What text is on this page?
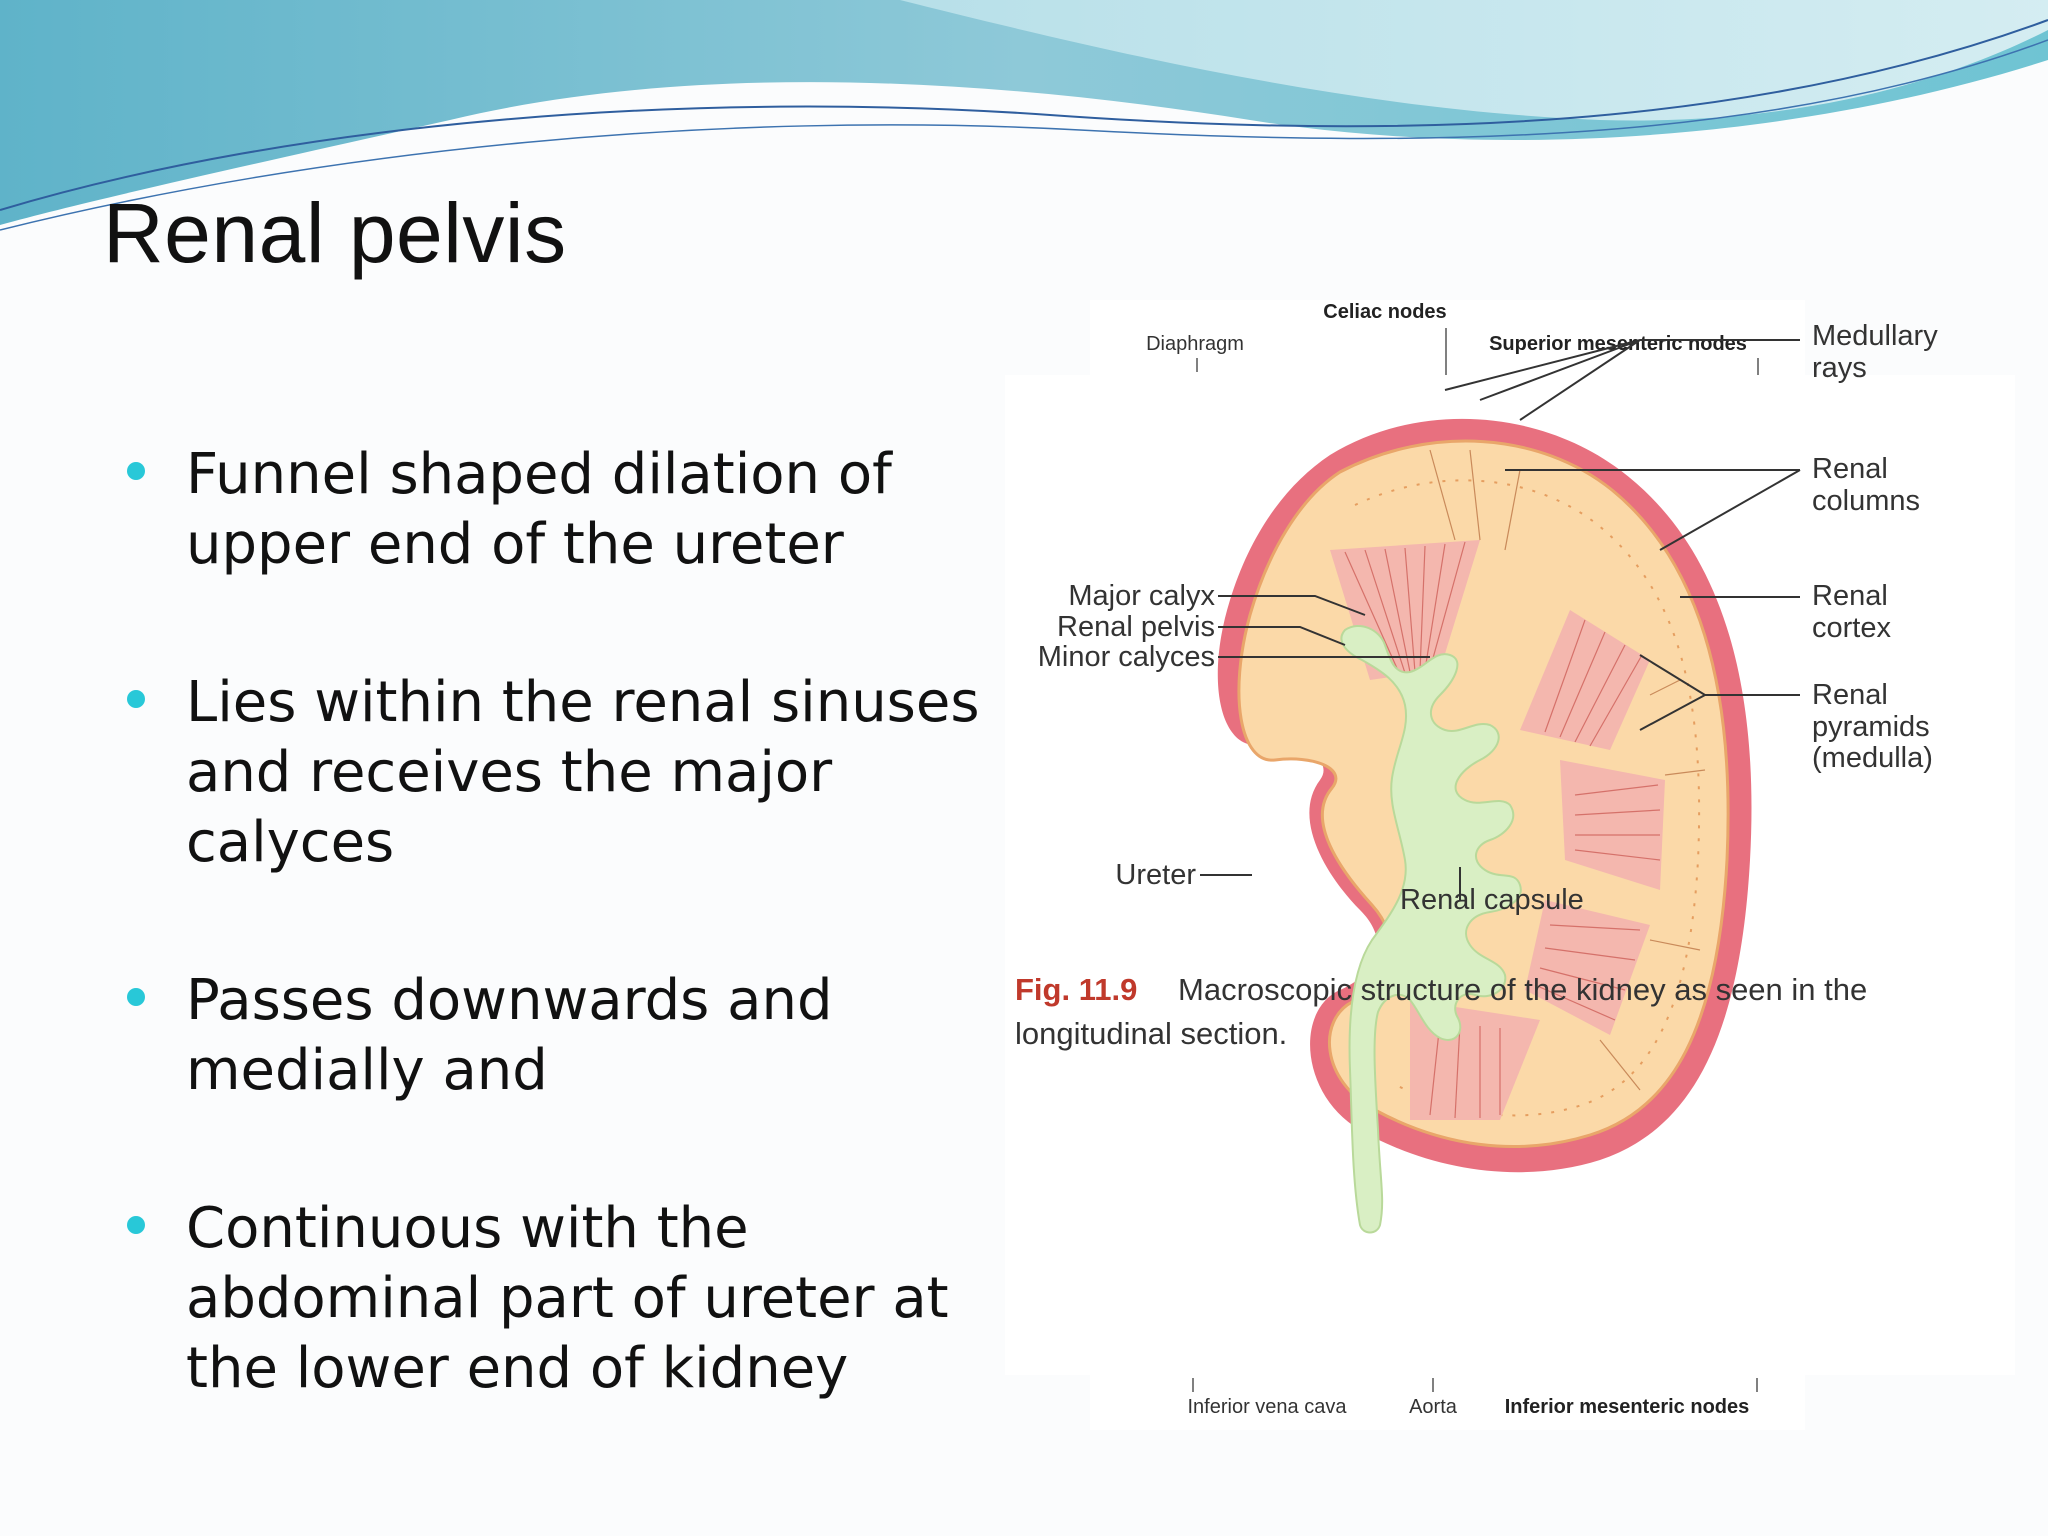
Renal pelvis
Funnel shaped dilation of upper end of the ureter
Lies within the renal sinuses and receives the major calyces
Passes downwards and medially and
Continuous with the abdominal part of ureter at the lower end of kidney
Celiac nodes
Diaphragm	Superior mesenteric nodes Medullary
rays
Renal
columns
Renal
cortex
Renal
pyramids
(medulla)
Major calyx
Renal pelvis
Minor calyces
Ureter
Renal capsule
Fig. 11.9 Macroscopic structure of the kidney as seen in the
longitudinal section.
Inferior vena cava	Aorta Inferior mesenteric nodes
